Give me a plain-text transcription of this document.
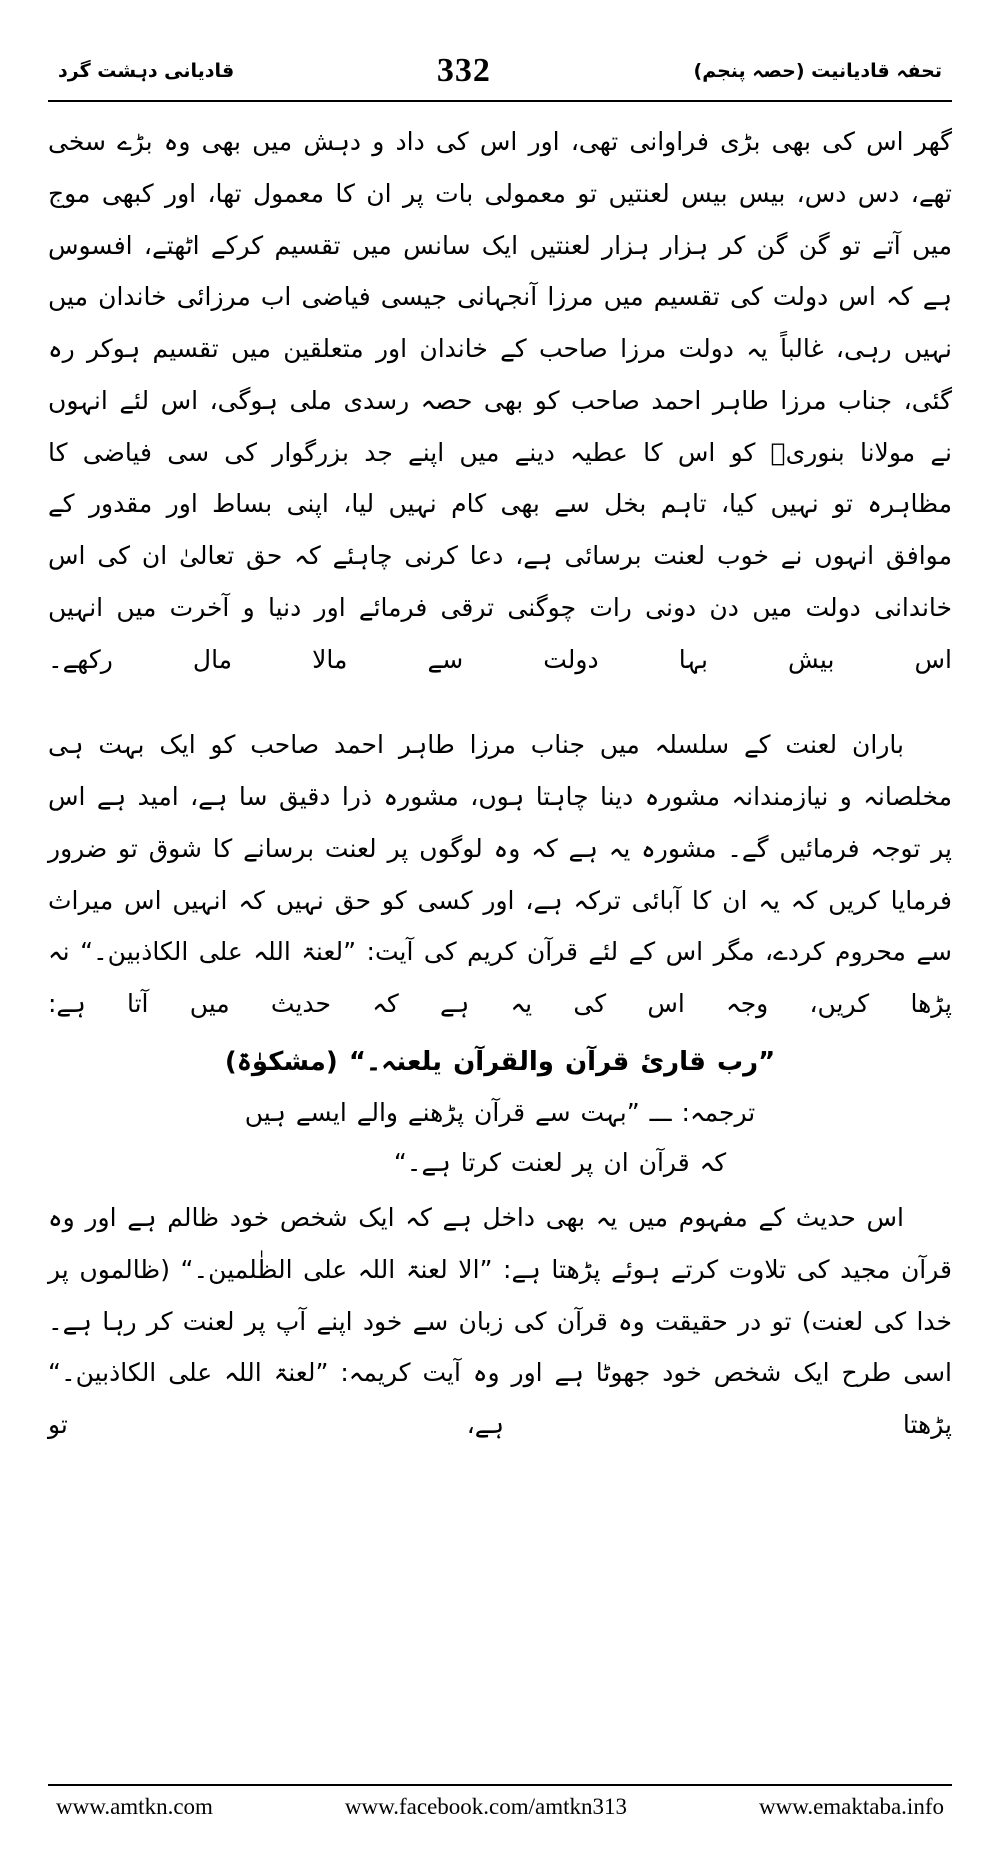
تحفہ قادیانیت (حصہ پنجم)
332
قادیانی دہشت گرد

گھر اس کی بھی بڑی فراوانی تھی، اور اس کی داد و دہش میں بھی وہ بڑے سخی تھے، دس دس، بیس بیس لعنتیں تو معمولی بات پر ان کا معمول تھا، اور کبھی موج میں آتے تو گن گن کر ہزار ہزار لعنتیں ایک سانس میں تقسیم کرکے اٹھتے، افسوس ہے کہ اس دولت کی تقسیم میں مرزا آنجہانی جیسی فیاضی اب مرزائی خاندان میں نہیں رہی، غالباً یہ دولت مرزا صاحب کے خاندان اور متعلقین میں تقسیم ہوکر رہ گئی، جناب مرزا طاہر احمد صاحب کو بھی حصہ رسدی ملی ہوگی، اس لئے انہوں نے مولانا بنوریؒ کو اس کا عطیہ دینے میں اپنے جد بزرگوار کی سی فیاضی کا مظاہرہ تو نہیں کیا، تاہم بخل سے بھی کام نہیں لیا، اپنی بساط اور مقدور کے موافق انہوں نے خوب لعنت برسائی ہے، دعا کرنی چاہئے کہ حق تعالیٰ ان کی اس خاندانی دولت میں دن دونی رات چوگنی ترقی فرمائے اور دنیا و آخرت میں انہیں اس بیش بہا دولت سے مالا مال رکھے۔

باران لعنت کے سلسلہ میں جناب مرزا طاہر احمد صاحب کو ایک بہت ہی مخلصانہ و نیازمندانہ مشورہ دینا چاہتا ہوں، مشورہ ذرا دقیق سا ہے، امید ہے اس پر توجہ فرمائیں گے۔ مشورہ یہ ہے کہ وہ لوگوں پر لعنت برسانے کا شوق تو ضرور فرمایا کریں کہ یہ ان کا آبائی ترکہ ہے، اور کسی کو حق نہیں کہ انہیں اس میراث سے محروم کردے، مگر اس کے لئے قرآن کریم کی آیت: ”لعنۃ اللہ علی الکاذبین۔“ نہ پڑھا کریں، وجہ اس کی یہ ہے کہ حدیث میں آتا ہے:

”رب قارئ قرآن والقرآن یلعنہ۔“ (مشکوٰۃ)

ترجمہ: ـــ ”بہت سے قرآن پڑھنے والے ایسے ہیں

کہ قرآن ان پر لعنت کرتا ہے۔“

اس حدیث کے مفہوم میں یہ بھی داخل ہے کہ ایک شخص خود ظالم ہے اور وہ قرآن مجید کی تلاوت کرتے ہوئے پڑھتا ہے: ”الا لعنۃ اللہ علی الظٰلمین۔“ (ظالموں پر خدا کی لعنت) تو در حقیقت وہ قرآن کی زبان سے خود اپنے آپ پر لعنت کر رہا ہے۔ اسی طرح ایک شخص خود جھوٹا ہے اور وہ آیت کریمہ: ”لعنۃ اللہ علی الکاذبین۔“ پڑھتا ہے، تو

www.amtkn.com	www.facebook.com/amtkn313	www.emaktaba.info
